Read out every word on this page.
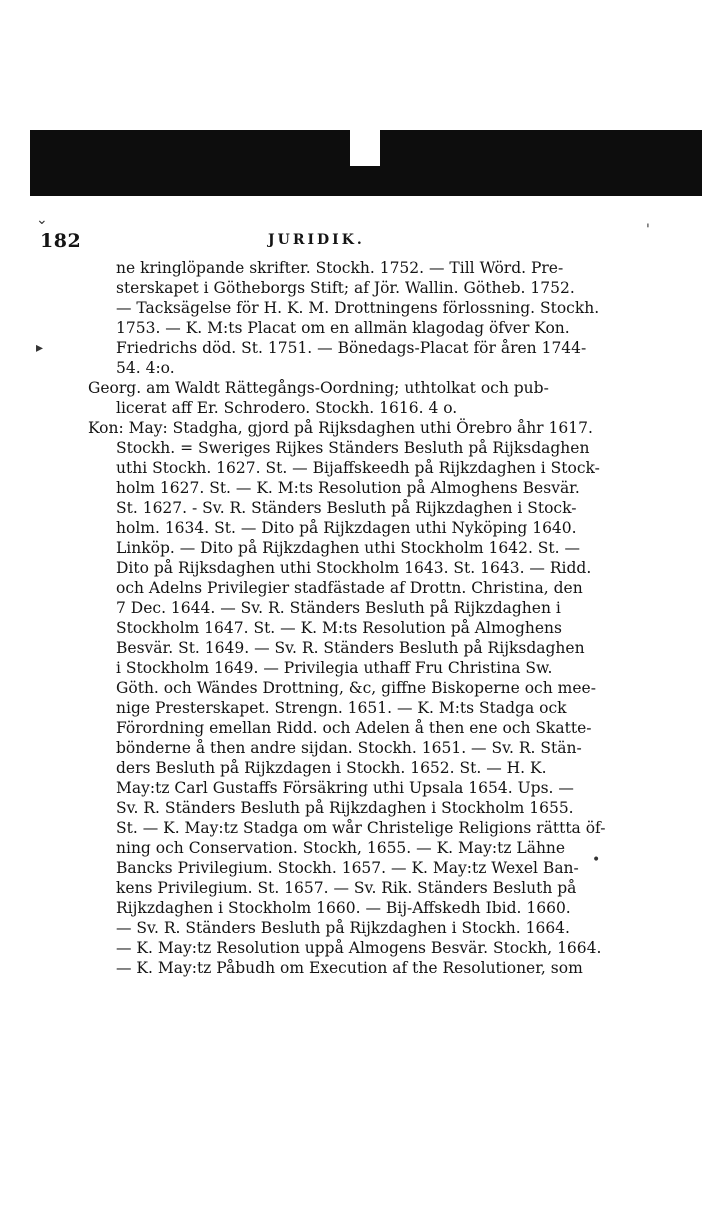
182	JURIDIK.
⌄
'
▸
•
ne kringlöpande skrifter. Stockh. 1752. — Till Wörd. Pre-
sterskapet i Götheborgs Stift; af Jör. Wallin. Götheb. 1752.
— Tacksägelse för H. K. M. Drottningens förlossning. Stockh.
1753. — K. M:ts Placat om en allmän klagodag öfver Kon.
Friedrichs död. St. 1751. — Bönedags-Placat för åren 1744-
54. 4:o.
Georg. am Waldt Rättegångs-Oordning; uthtolkat och pub-
licerat aff Er. Schrodero. Stockh. 1616. 4 o.
Kon: May: Stadgha, gjord på Rijksdaghen uthi Örebro åhr 1617.
Stockh. = Sweriges Rijkes Ständers Besluth på Rijksdaghen
uthi Stockh. 1627. St. — Bijaffskeedh på Rijkzdaghen i Stock-
holm 1627. St. — K. M:ts Resolution på Almoghens Besvär.
St. 1627. - Sv. R. Ständers Besluth på Rijkzdaghen i Stock-
holm. 1634. St. — Dito på Rijkzdagen uthi Nyköping 1640.
Linköp. — Dito på Rijkzdaghen uthi Stockholm 1642. St. —
Dito på Rijksdaghen uthi Stockholm 1643. St. 1643. — Ridd.
och Adelns Privilegier stadfästade af Drottn. Christina, den
7 Dec. 1644. — Sv. R. Ständers Besluth på Rijkzdaghen i
Stockholm 1647. St. — K. M:ts Resolution på Almoghens
Besvär. St. 1649. — Sv. R. Ständers Besluth på Rijksdaghen
i Stockholm 1649. — Privilegia uthaff Fru Christina Sw.
Göth. och Wändes Drottning, &c, giffne Biskoperne och mee-
nige Presterskapet. Strengn. 1651. — K. M:ts Stadga ock
Förordning emellan Ridd. och Adelen å then ene och Skatte-
bönderne å then andre sijdan. Stockh. 1651. — Sv. R. Stän-
ders Besluth på Rijkzdagen i Stockh. 1652. St. — H. K.
May:tz Carl Gustaffs Försäkring uthi Upsala 1654. Ups. —
Sv. R. Ständers Besluth på Rijkzdaghen i Stockholm 1655.
St. — K. May:tz Stadga om wår Christelige Religions rättta öf-
ning och Conservation. Stockh, 1655. — K. May:tz Lähne
Bancks Privilegium. Stockh. 1657. — K. May:tz Wexel Ban-
kens Privilegium. St. 1657. — Sv. Rik. Ständers Besluth på
Rijkzdaghen i Stockholm 1660. — Bij-Affskedh Ibid. 1660.
— Sv. R. Ständers Besluth på Rijkzdaghen i Stockh. 1664.
— K. May:tz Resolution uppå Almogens Besvär. Stockh, 1664.
— K. May:tz Påbudh om Execution af the Resolutioner, som
